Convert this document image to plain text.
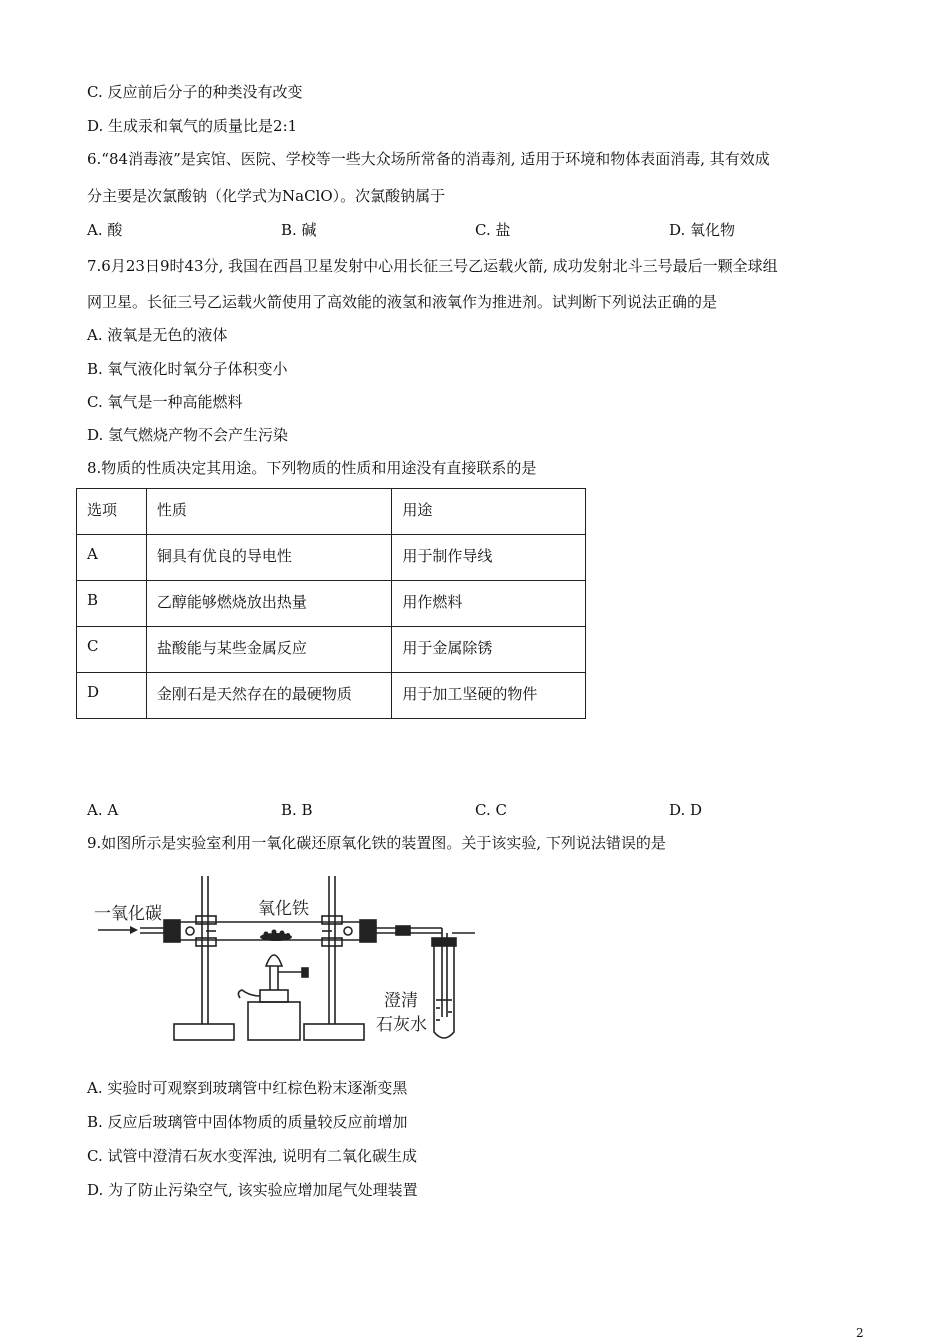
C. 反应前后分子的种类没有改变
D. 生成汞和氧气的质量比是2:1
6.“84消毒液”是宾馆、医院、学校等一些大众场所常备的消毒剂, 适用于环境和物体表面消毒, 其有效成
分主要是次氯酸钠（化学式为NaClO）。次氯酸钠属于
A. 酸	B. 碱	C. 盐	D. 氧化物
7.6月23日9时43分, 我国在西昌卫星发射中心用长征三号乙运载火箭, 成功发射北斗三号最后一颗全球组
网卫星。长征三号乙运载火箭使用了高效能的液氢和液氧作为推进剂。试判断下列说法正确的是
A. 液氧是无色的液体
B. 氧气液化时氧分子体积变小
C. 氧气是一种高能燃料
D. 氢气燃烧产物不会产生污染
8.物质的性质决定其用途。下列物质的性质和用途没有直接联系的是
选项	性质	用途
A	铜具有优良的导电性	用于制作导线
B	乙醇能够燃烧放出热量	用作燃料
C	盐酸能与某些金属反应	用于金属除锈
D	金刚石是天然存在的最硬物质	用于加工坚硬的物件
A. A	B. B	C. C	D. D
9.如图所示是实验室利用一氧化碳还原氧化铁的装置图。关于该实验, 下列说法错误的是
一氧化碳	氧化铁
澄清
石灰水
A. 实验时可观察到玻璃管中红棕色粉末逐渐变黑
B. 反应后玻璃管中固体物质的质量较反应前增加
C. 试管中澄清石灰水变浑浊, 说明有二氧化碳生成
D. 为了防止污染空气, 该实验应增加尾气处理装置
2
